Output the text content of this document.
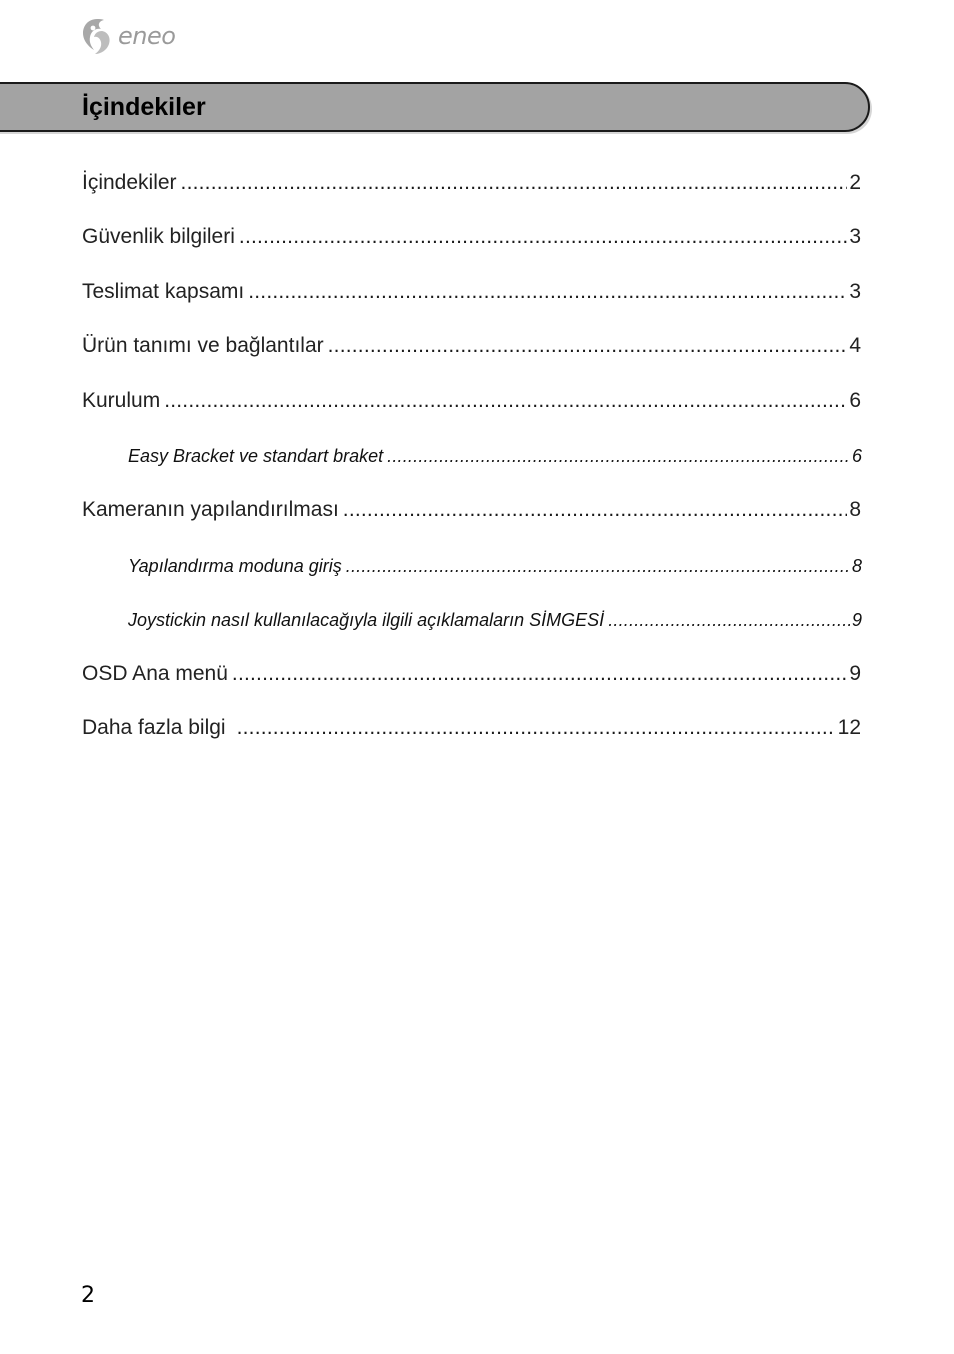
eneo
İçindekiler
İçindekiler .....	2
Güvenlik bilgileri .....	3
Teslimat kapsamı .....	3
Ürün tanımı ve bağlantılar .....	4
Kurulum .....	6
Easy Bracket ve standart braket .....	6
Kameranın yapılandırılması .....	8
Yapılandırma moduna giriş .....	8
Joystickin nasıl kullanılacağıyla ilgili açıklamaların SİMGESİ .....	9
OSD Ana menü .....	9
Daha fazla bilgi .....	12
2
